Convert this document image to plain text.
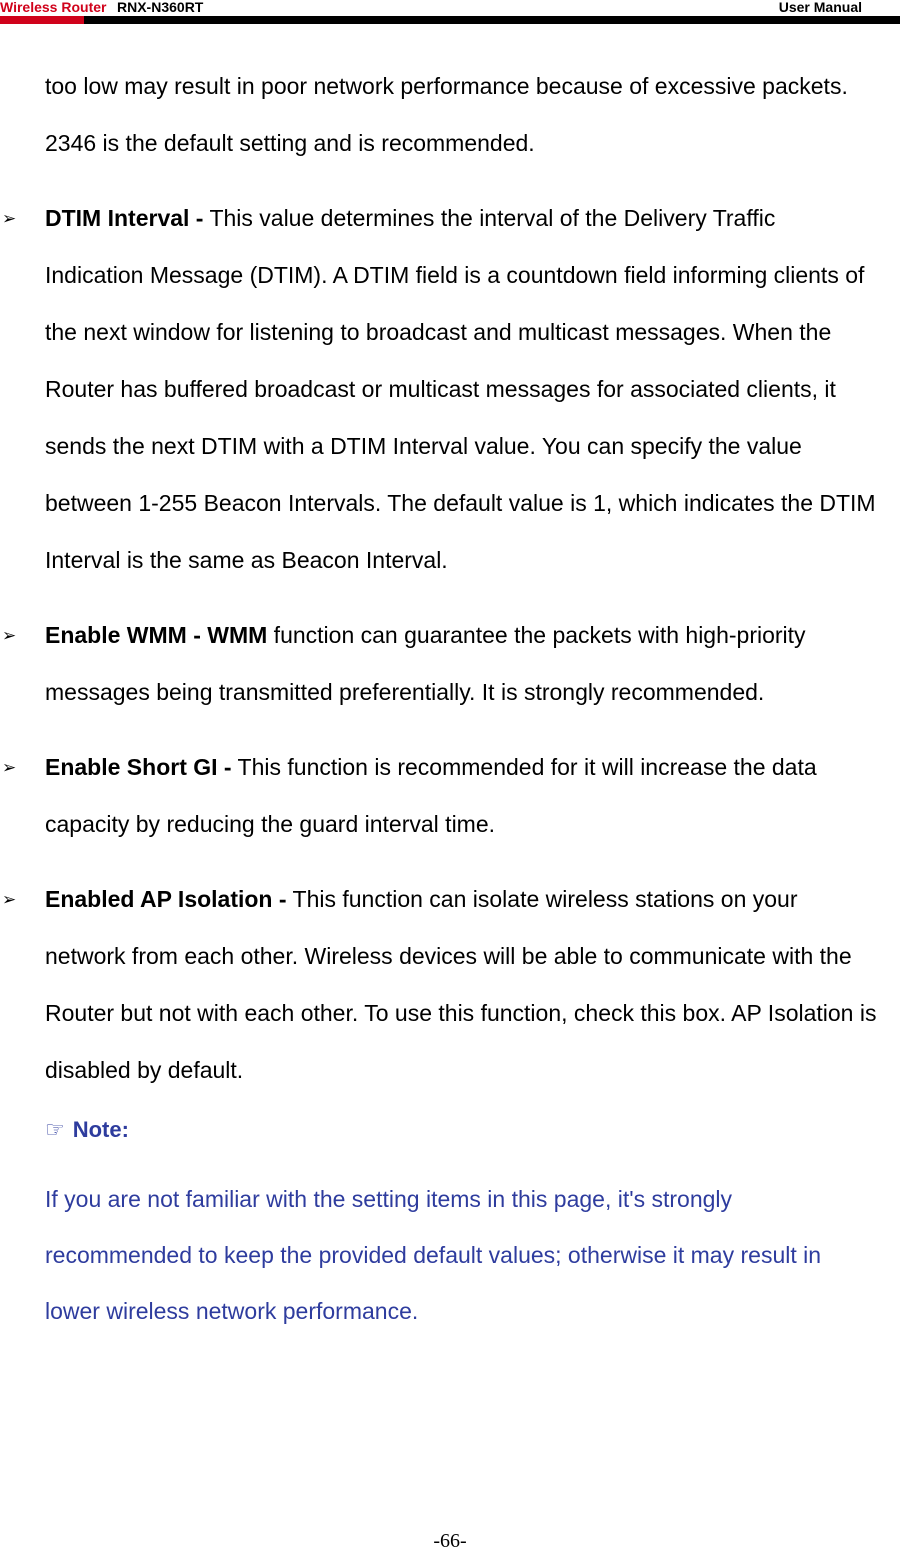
Wireless Router RNX-N360RT	User Manual

too low may result in poor network performance because of excessive packets. 2346 is the default setting and is recommended.

➢ DTIM Interval - This value determines the interval of the Delivery Traffic Indication Message (DTIM). A DTIM field is a countdown field informing clients of the next window for listening to broadcast and multicast messages. When the Router has buffered broadcast or multicast messages for associated clients, it sends the next DTIM with a DTIM Interval value. You can specify the value between 1-255 Beacon Intervals. The default value is 1, which indicates the DTIM Interval is the same as Beacon Interval.

➢ Enable WMM - WMM function can guarantee the packets with high-priority messages being transmitted preferentially. It is strongly recommended.

➢ Enable Short GI - This function is recommended for it will increase the data capacity by reducing the guard interval time.

➢ Enabled AP Isolation - This function can isolate wireless stations on your network from each other. Wireless devices will be able to communicate with the Router but not with each other. To use this function, check this box. AP Isolation is disabled by default.

☞ Note:

If you are not familiar with the setting items in this page, it's strongly recommended to keep the provided default values; otherwise it may result in lower wireless network performance.

-66-
